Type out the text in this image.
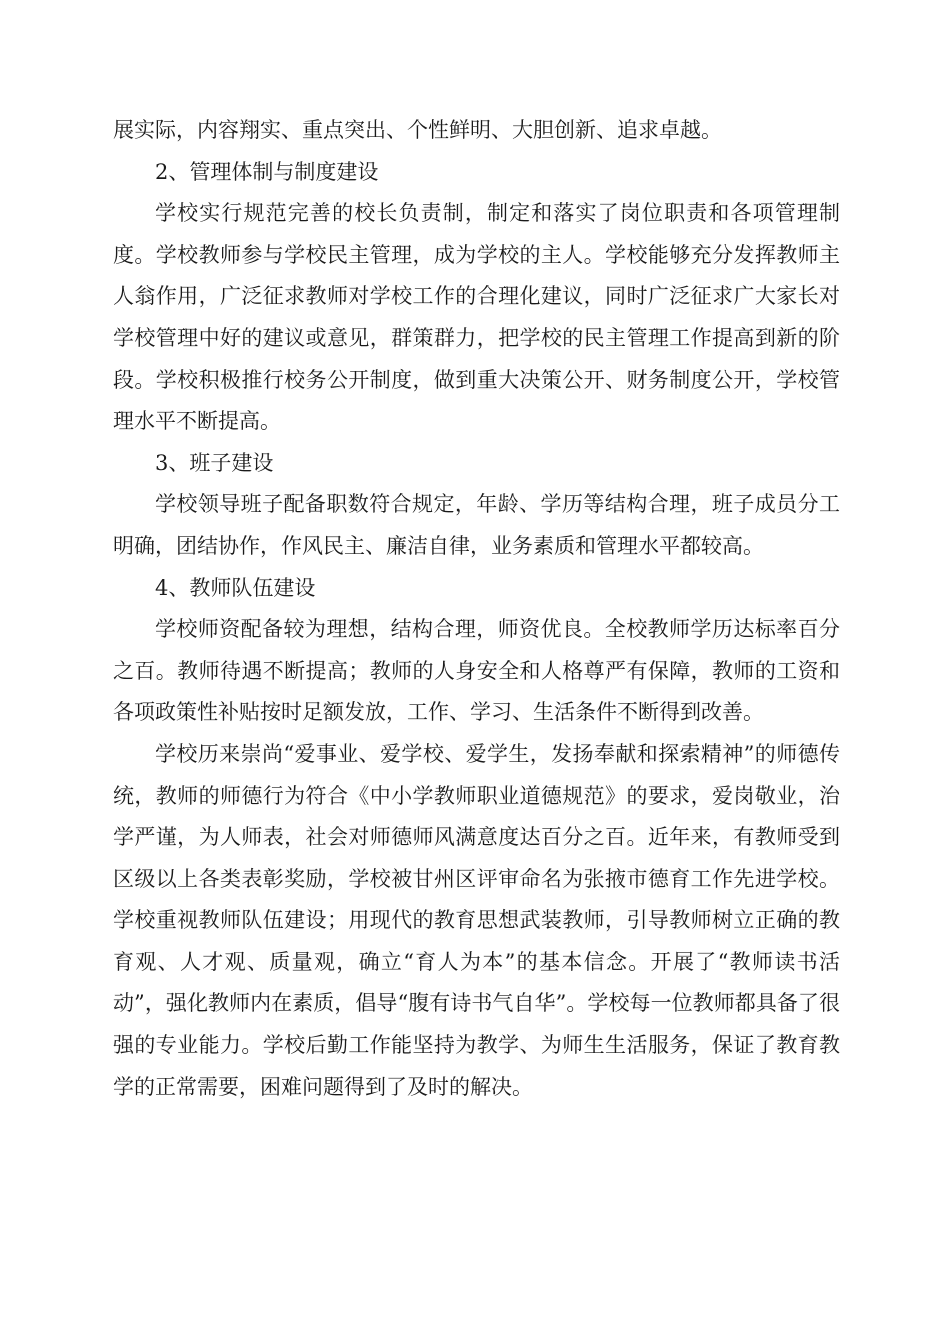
展实际，内容翔实、重点突出、个性鲜明、大胆创新、追求卓越。

2、管理体制与制度建设

学校实行规范完善的校长负责制，制定和落实了岗位职责和各项管理制度。学校教师参与学校民主管理，成为学校的主人。学校能够充分发挥教师主人翁作用，广泛征求教师对学校工作的合理化建议，同时广泛征求广大家长对学校管理中好的建议或意见，群策群力，把学校的民主管理工作提高到新的阶段。学校积极推行校务公开制度，做到重大决策公开、财务制度公开，学校管理水平不断提高。

3、班子建设

学校领导班子配备职数符合规定，年龄、学历等结构合理，班子成员分工明确，团结协作，作风民主、廉洁自律，业务素质和管理水平都较高。

4、教师队伍建设

学校师资配备较为理想，结构合理，师资优良。全校教师学历达标率百分之百。教师待遇不断提高；教师的人身安全和人格尊严有保障，教师的工资和各项政策性补贴按时足额发放，工作、学习、生活条件不断得到改善。

学校历来崇尚“爱事业、爱学校、爱学生，发扬奉献和探索精神”的师德传统，教师的师德行为符合《中小学教师职业道德规范》的要求，爱岗敬业，治学严谨，为人师表，社会对师德师风满意度达百分之百。近年来，有教师受到区级以上各类表彰奖励，学校被甘州区评审命名为张掖市德育工作先进学校。学校重视教师队伍建设；用现代的教育思想武装教师，引导教师树立正确的教育观、人才观、质量观，确立“育人为本”的基本信念。开展了“教师读书活动”，强化教师内在素质，倡导“腹有诗书气自华”。学校每一位教师都具备了很强的专业能力。学校后勤工作能坚持为教学、为师生生活服务，保证了教育教学的正常需要，困难问题得到了及时的解决。
